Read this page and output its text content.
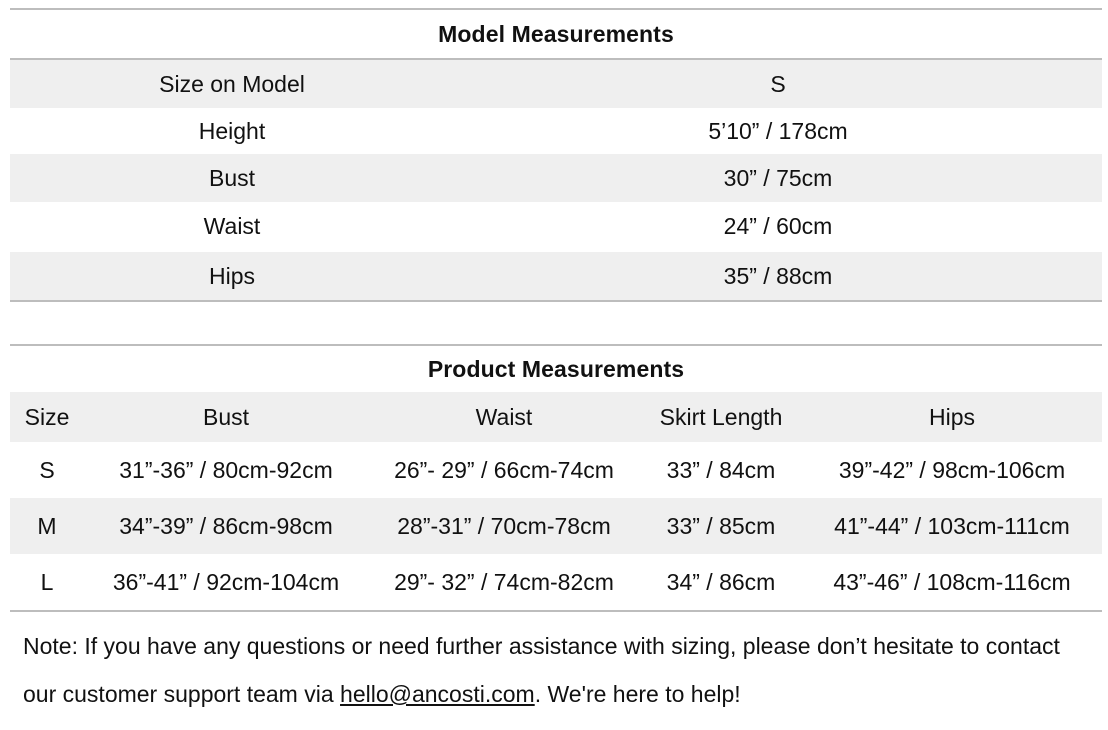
Model Measurements
Size on Model	S
Height	5’10” / 178cm
Bust	30” / 75cm
Waist	24” / 60cm
Hips	35” / 88cm
Product Measurements
Size	Bust	Waist	Skirt Length	Hips
S	31”-36” / 80cm-92cm	26”- 29” / 66cm-74cm	33” / 84cm	39”-42” / 98cm-106cm
M	34”-39” / 86cm-98cm	28”-31” / 70cm-78cm	33” / 85cm	41”-44” / 103cm-111cm
L	36”-41” / 92cm-104cm	29”- 32” / 74cm-82cm	34” / 86cm	43”-46” / 108cm-116cm
Note: If you have any questions or need further assistance with sizing, please don’t hesitate to contact our customer support team via hello@ancosti.com. We're here to help!
